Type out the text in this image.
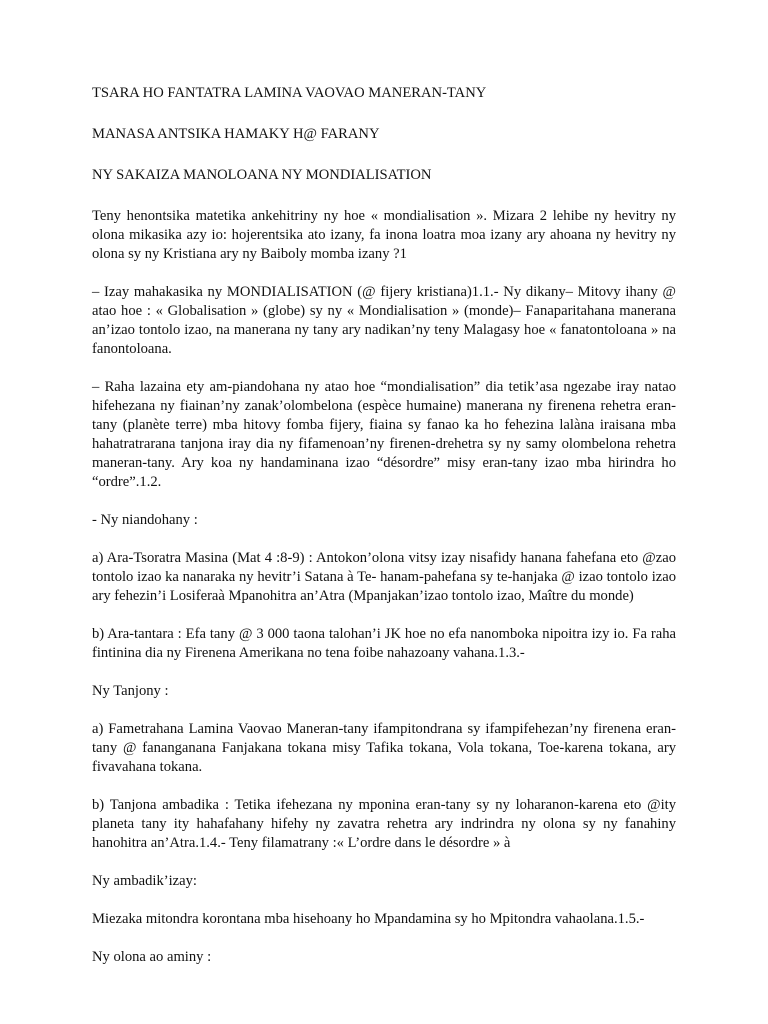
TSARA HO FANTATRA LAMINA VAOVAO MANERAN-TANY
MANASA ANTSIKA HAMAKY H@ FARANY
NY SAKAIZA MANOLOANA NY MONDIALISATION

Teny henontsika matetika ankehitriny ny hoe « mondialisation ». Mizara 2 lehibe ny hevitry ny olona mikasika azy io: hojerentsika ato izany, fa inona loatra moa izany ary ahoana ny hevitry ny olona sy ny Kristiana ary ny Baiboly momba izany ?1

– Izay mahakasika ny MONDIALISATION (@ fijery kristiana)1.1.- Ny dikany– Mitovy ihany @ atao hoe : « Globalisation » (globe) sy ny « Mondialisation » (monde)– Fanaparitahana manerana an’izao tontolo izao, na manerana ny tany ary nadikan’ny teny Malagasy hoe « fanatontoloana » na fanontoloana.

– Raha lazaina ety am-piandohana ny atao hoe “mondialisation” dia tetik’asa ngezabe iray natao hifehezana ny fiainan’ny zanak’olombelona (espèce humaine) manerana ny firenena rehetra eran-tany (planète terre) mba hitovy fomba fijery, fiaina sy fanao ka ho fehezina lalàna iraisana mba hahatratrarana tanjona iray dia ny fifamenoan’ny firenen-drehetra sy ny samy olombelona rehetra maneran-tany. Ary koa ny handaminana izao “désordre” misy eran-tany izao mba hirindra ho “ordre”.1.2.

- Ny niandohany :

a) Ara-Tsoratra Masina (Mat 4 :8-9) : Antokon’olona vitsy izay nisafidy hanana fahefana eto @zao tontolo izao ka nanaraka ny hevitr’i Satana à Te- hanam-pahefana sy te-hanjaka @ izao tontolo izao ary fehezin’i Losiferaà Mpanohitra an’Atra (Mpanjakan’izao tontolo izao, Maître du monde)

b) Ara-tantara : Efa tany @ 3 000 taona talohan’i JK hoe no efa nanomboka nipoitra izy io. Fa raha fintinina dia ny Firenena Amerikana no tena foibe nahazoany vahana.1.3.-

Ny Tanjony :

a) Fametrahana Lamina Vaovao Maneran-tany ifampitondrana sy ifampifehezan’ny firenena eran-tany @ fananganana Fanjakana tokana misy Tafika tokana, Vola tokana, Toe-karena tokana, ary fivavahana tokana.

b) Tanjona ambadika : Tetika ifehezana ny mponina eran-tany sy ny loharanon-karena eto @ity planeta tany ity hahafahany hifehy ny zavatra rehetra ary indrindra ny olona sy ny fanahiny hanohitra an’Atra.1.4.- Teny filamatrany :« L’ordre dans le désordre » à

Ny ambadik’izay:

Miezaka mitondra korontana mba hisehoany ho Mpandamina sy ho Mpitondra vahaolana.1.5.-

Ny olona ao aminy :
